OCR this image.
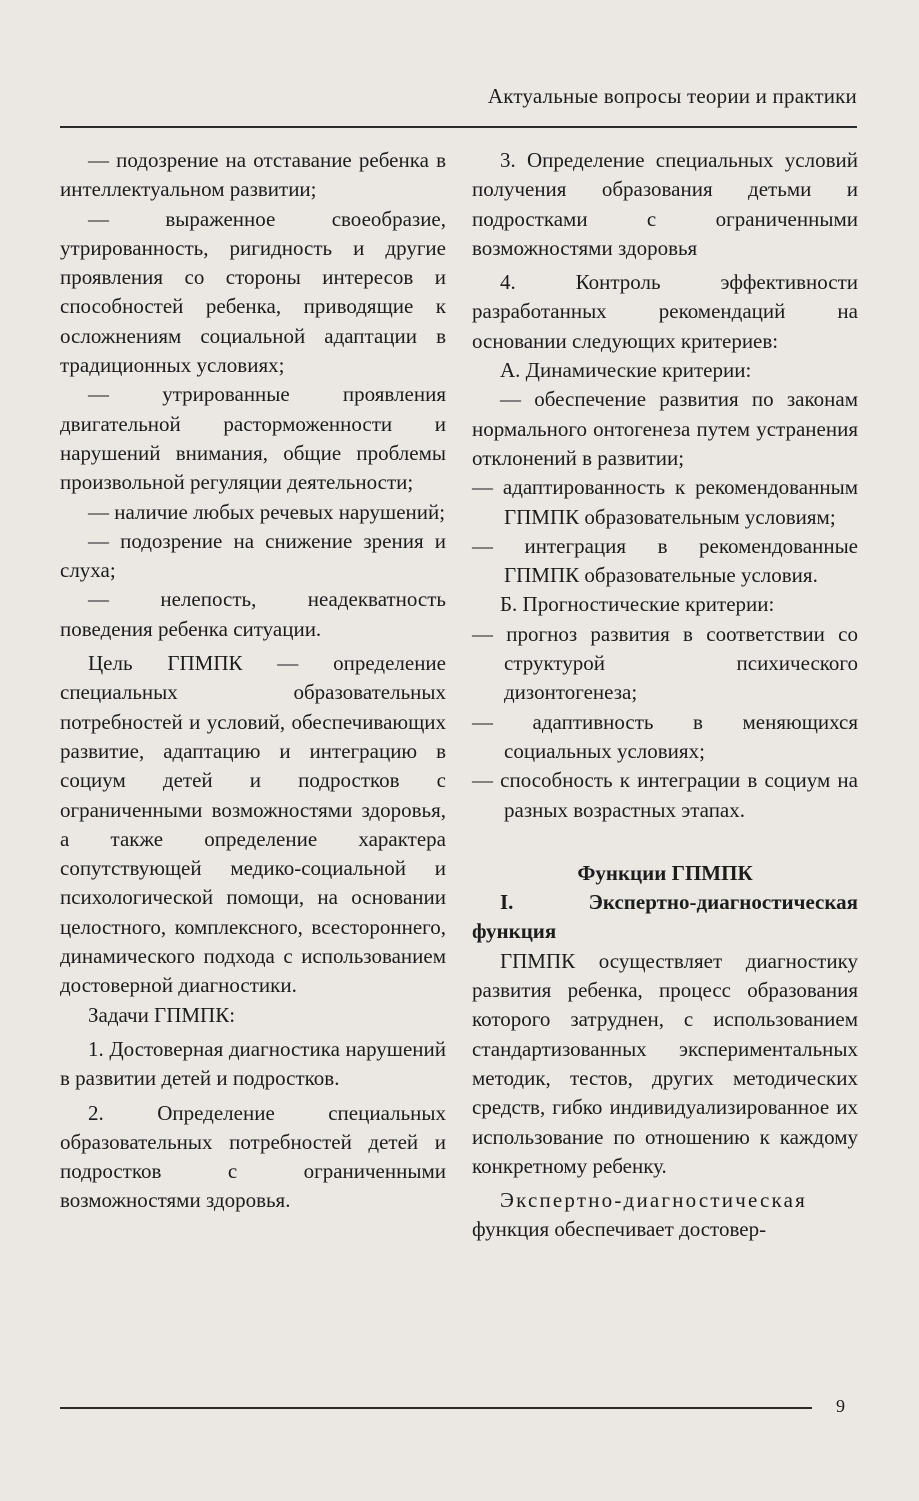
Актуальные вопросы теории и практики

— подозрение на отставание ребенка в интеллектуальном развитии;

— выраженное своеобразие, утрированность, ригидность и другие проявления со стороны интересов и способностей ребенка, приводящие к осложнениям социальной адаптации в традиционных условиях;

— утрированные проявления двигательной расторможенности и нарушений внимания, общие проблемы произвольной регуляции деятельности;

— наличие любых речевых нарушений;

— подозрение на снижение зрения и слуха;

— нелепость, неадекватность поведения ребенка ситуации.

Цель ГПМПК — определение специальных образовательных потребностей и условий, обеспечивающих развитие, адаптацию и интеграцию в социум детей и подростков с ограниченными возможностями здоровья, а также определение характера сопутствующей медико-социальной и психологической помощи, на основании целостного, комплексного, всестороннего, динамического подхода с использованием достоверной диагностики.

Задачи ГПМПК:

1. Достоверная диагностика нарушений в развитии детей и подростков.

2. Определение специальных образовательных потребностей детей и подростков с ограниченными возможностями здоровья.

3. Определение специальных условий получения образования детьми и подростками с ограниченными возможностями здоровья

4. Контроль эффективности разработанных рекомендаций на основании следующих критериев:

А. Динамические критерии:

— обеспечение развития по законам нормального онтогенеза путем устранения отклонений в развитии;

— адаптированность к рекомендованным ГПМПК образовательным условиям;

— интеграция в рекомендованные ГПМПК образовательные условия.

Б. Прогностические критерии:

— прогноз развития в соответствии со структурой психического дизонтогенеза;

— адаптивность в меняющихся социальных условиях;

— способность к интеграции в социум на разных возрастных этапах.

Функции ГПМПК

I. Экспертно-диагностическая функция

ГПМПК осуществляет диагностику развития ребенка, процесс образования которого затруднен, с использованием стандартизованных экспериментальных методик, тестов, других методических средств, гибко индивидуализированное их использование по отношению к каждому конкретному ребенку.

Экспертно-диагностическая функция обеспечивает достовер-

9
